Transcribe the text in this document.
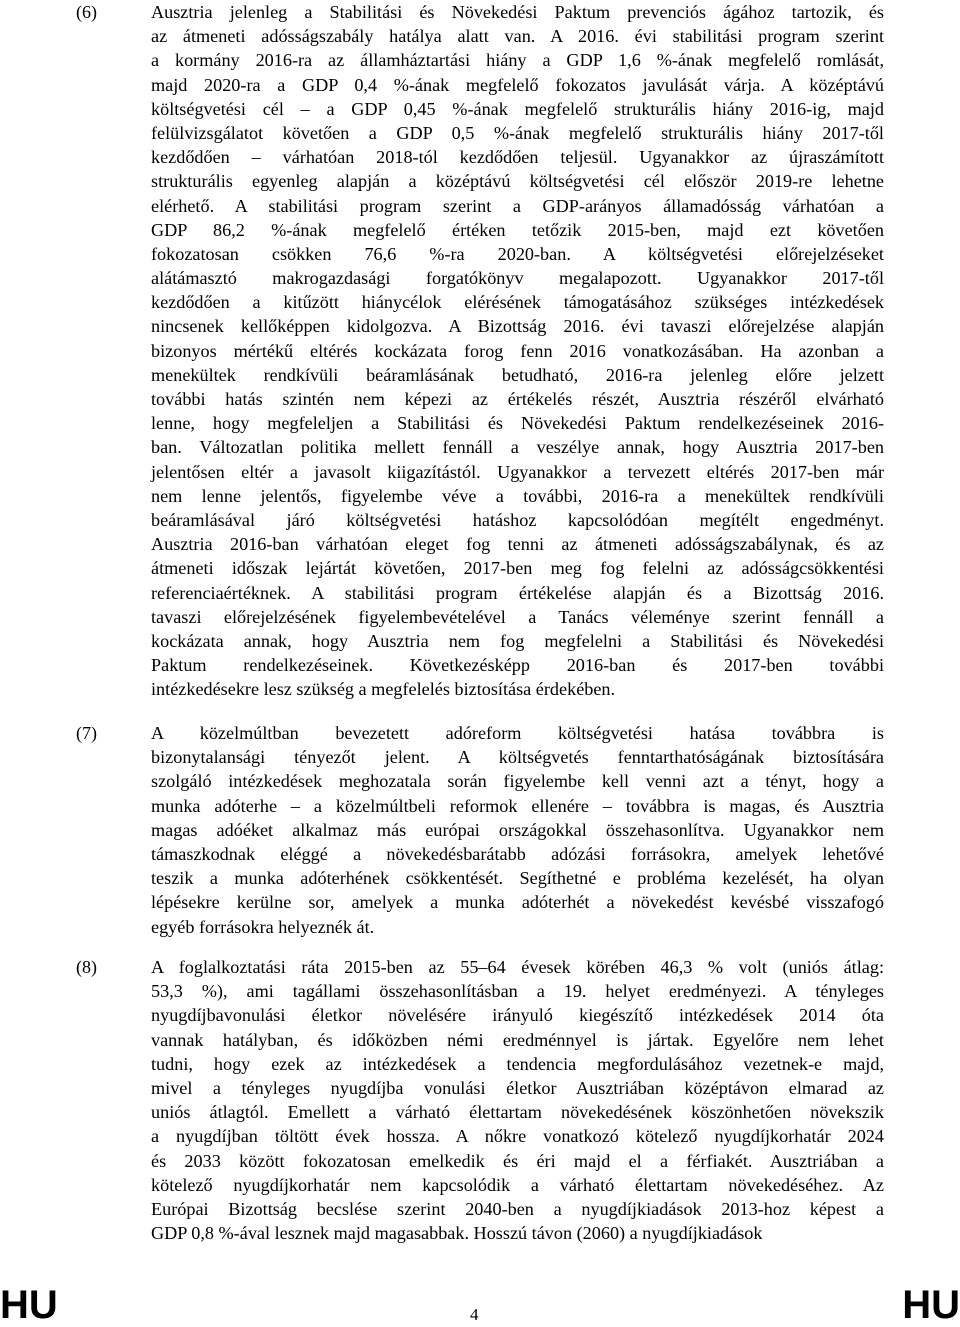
(6)	Ausztria jelenleg a Stabilitási és Növekedési Paktum prevenciós ágához tartozik, és
az átmeneti adósságszabály hatálya alatt van. A 2016. évi stabilitási program szerint
a kormány 2016-ra az államháztartási hiány a GDP 1,6 %-ának megfelelő romlását,
majd 2020-ra a GDP 0,4 %-ának megfelelő fokozatos javulását várja. A középtávú
költségvetési cél – a GDP 0,45 %-ának megfelelő strukturális hiány 2016-ig, majd
felülvizsgálatot követően a GDP 0,5 %-ának megfelelő strukturális hiány 2017-től
kezdődően – várhatóan 2018-tól kezdődően teljesül. Ugyanakkor az újraszámított
strukturális egyenleg alapján a középtávú költségvetési cél először 2019-re lehetne
elérhető. A stabilitási program szerint a GDP-arányos államadósság várhatóan a
GDP 86,2 %-ának megfelelő értéken tetőzik 2015-ben, majd ezt követően
fokozatosan csökken 76,6 %-ra 2020-ban. A költségvetési előrejelzéseket
alátámasztó makrogazdasági forgatókönyv megalapozott. Ugyanakkor 2017-től
kezdődően a kitűzött hiánycélok elérésének támogatásához szükséges intézkedések
nincsenek kellőképpen kidolgozva. A Bizottság 2016. évi tavaszi előrejelzése alapján
bizonyos mértékű eltérés kockázata forog fenn 2016 vonatkozásában. Ha azonban a
menekültek rendkívüli beáramlásának betudható, 2016-ra jelenleg előre jelzett
további hatás szintén nem képezi az értékelés részét, Ausztria részéről elvárható
lenne, hogy megfeleljen a Stabilitási és Növekedési Paktum rendelkezéseinek 2016-
ban. Változatlan politika mellett fennáll a veszélye annak, hogy Ausztria 2017-ben
jelentősen eltér a javasolt kiigazítástól. Ugyanakkor a tervezett eltérés 2017-ben már
nem lenne jelentős, figyelembe véve a további, 2016-ra a menekültek rendkívüli
beáramlásával járó költségvetési hatáshoz kapcsolódóan megítélt engedményt.
Ausztria 2016-ban várhatóan eleget fog tenni az átmeneti adósságszabálynak, és az
átmeneti időszak lejártát követően, 2017-ben meg fog felelni az adósságcsökkentési
referenciaértéknek. A stabilitási program értékelése alapján és a Bizottság 2016.
tavaszi előrejelzésének figyelembevételével a Tanács véleménye szerint fennáll a
kockázata annak, hogy Ausztria nem fog megfelelni a Stabilitási és Növekedési
Paktum rendelkezéseinek. Következésképp 2016-ban és 2017-ben további
intézkedésekre lesz szükség a megfelelés biztosítása érdekében.
(7)	A közelmúltban bevezetett adóreform költségvetési hatása továbbra is
bizonytalansági tényezőt jelent. A költségvetés fenntarthatóságának biztosítására
szolgáló intézkedések meghozatala során figyelembe kell venni azt a tényt, hogy a
munka adóterhe – a közelmúltbeli reformok ellenére – továbbra is magas, és Ausztria
magas adóéket alkalmaz más európai országokkal összehasonlítva. Ugyanakkor nem
támaszkodnak eléggé a növekedésbarátabb adózási forrásokra, amelyek lehetővé
teszik a munka adóterhének csökkentését. Segíthetné e probléma kezelését, ha olyan
lépésekre kerülne sor, amelyek a munka adóterhét a növekedést kevésbé visszafogó
egyéb forrásokra helyeznék át.
(8)	A foglalkoztatási ráta 2015-ben az 55–64 évesek körében 46,3 % volt (uniós átlag:
53,3 %), ami tagállami összehasonlításban a 19. helyet eredményezi. A tényleges
nyugdíjbavonulási életkor növelésére irányuló kiegészítő intézkedések 2014 óta
vannak hatályban, és időközben némi eredménnyel is jártak. Egyelőre nem lehet
tudni, hogy ezek az intézkedések a tendencia megfordulásához vezetnek-e majd,
mivel a tényleges nyugdíjba vonulási életkor Ausztriában középtávon elmarad az
uniós átlagtól. Emellett a várható élettartam növekedésének köszönhetően növekszik
a nyugdíjban töltött évek hossza. A nőkre vonatkozó kötelező nyugdíjkorhatár 2024
és 2033 között fokozatosan emelkedik és éri majd el a férfiakét. Ausztriában a
kötelező nyugdíjkorhatár nem kapcsolódik a várható élettartam növekedéséhez. Az
Európai Bizottság becslése szerint 2040-ben a nyugdíjkiadások 2013-hoz képest a
GDP 0,8 %-ával lesznek majd magasabbak. Hosszú távon (2060) a nyugdíjkiadások
HU	4	HU
